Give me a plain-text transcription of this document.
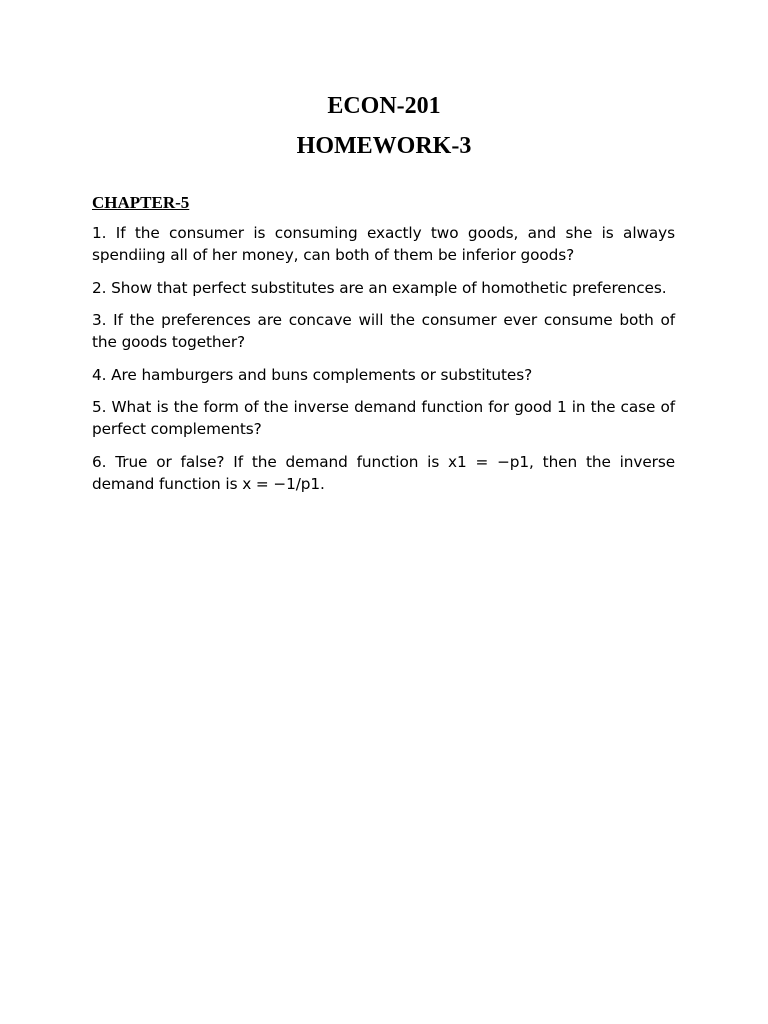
ECON-201
HOMEWORK-3
CHAPTER-5

1. If the consumer is consuming exactly two goods, and she is always spendiing all of her money, can both of them be inferior goods?

2. Show that perfect substitutes are an example of homothetic preferences.

3. If the preferences are concave will the consumer ever consume both of the goods together?

4. Are hamburgers and buns complements or substitutes?

5. What is the form of the inverse demand function for good 1 in the case of perfect complements?

6. True or false? If the demand function is x1 = −p1, then the inverse demand function is x = −1/p1.
